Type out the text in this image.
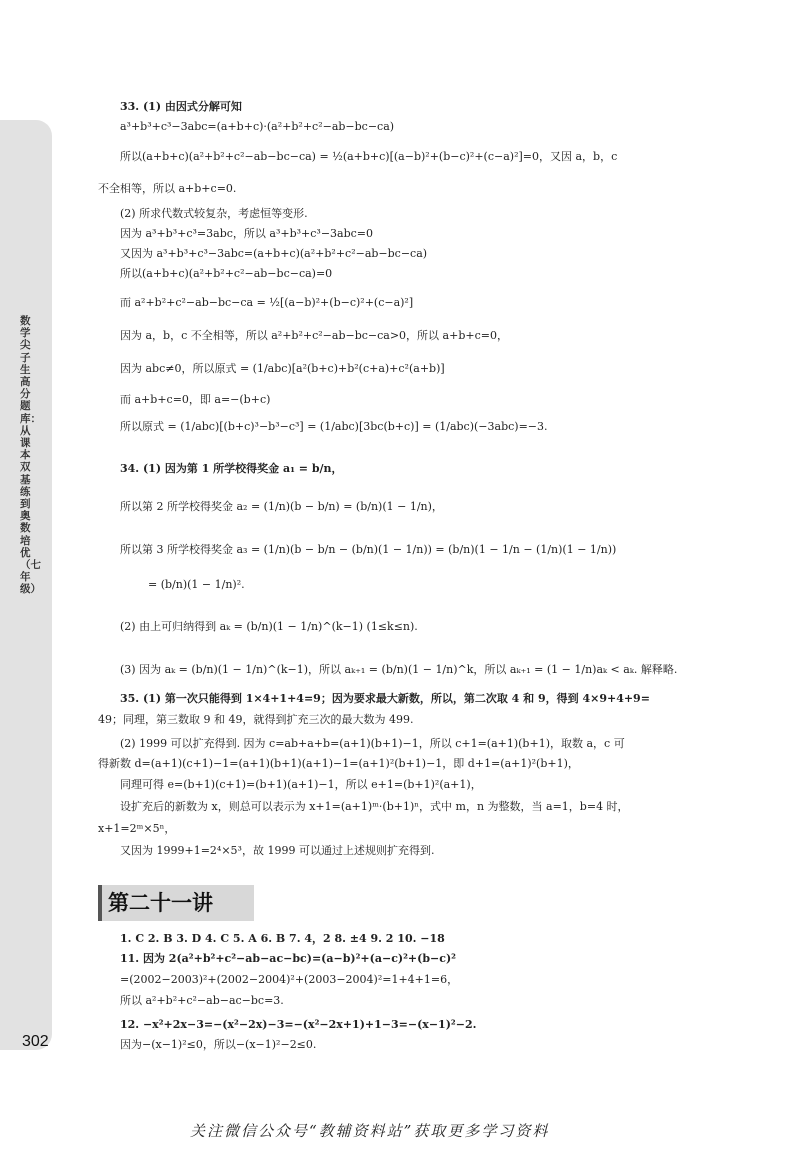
数学尖子生高分题库：从课本双基练到奥数培优（七年级）
302
33. (1) 由因式分解可知
a³+b³+c³−3abc=(a+b+c)·(a²+b²+c²−ab−bc−ca)
所以(a+b+c)(a²+b²+c²−ab−bc−ca) = ½(a+b+c)[(a−b)²+(b−c)²+(c−a)²]=0，又因 a，b，c
不全相等，所以 a+b+c=0.
(2) 所求代数式较复杂，考虑恒等变形.
因为 a³+b³+c³=3abc，所以 a³+b³+c³−3abc=0
又因为 a³+b³+c³−3abc=(a+b+c)(a²+b²+c²−ab−bc−ca)
所以(a+b+c)(a²+b²+c²−ab−bc−ca)=0
而 a²+b²+c²−ab−bc−ca = ½[(a−b)²+(b−c)²+(c−a)²]
因为 a，b，c 不全相等，所以 a²+b²+c²−ab−bc−ca>0，所以 a+b+c=0，
因为 abc≠0，所以原式 = (1/abc)[a²(b+c)+b²(c+a)+c²(a+b)]
而 a+b+c=0，即 a=−(b+c)
所以原式 = (1/abc)[(b+c)³−b³−c³] = (1/abc)[3bc(b+c)] = (1/abc)(−3abc)=−3.
34. (1) 因为第 1 所学校得奖金 a₁ = b/n，
所以第 2 所学校得奖金 a₂ = (1/n)(b − b/n) = (b/n)(1 − 1/n)，
所以第 3 所学校得奖金 a₃ = (1/n)(b − b/n − (b/n)(1 − 1/n)) = (b/n)(1 − 1/n − (1/n)(1 − 1/n))
= (b/n)(1 − 1/n)².
(2) 由上可归纳得到 aₖ = (b/n)(1 − 1/n)^(k−1) (1≤k≤n).
(3) 因为 aₖ = (b/n)(1 − 1/n)^(k−1)，所以 aₖ₊₁ = (b/n)(1 − 1/n)^k，所以 aₖ₊₁ = (1 − 1/n)aₖ < aₖ. 解释略.
35. (1) 第一次只能得到 1×4+1+4=9；因为要求最大新数，所以，第二次取 4 和 9，得到 4×9+4+9=
49；同理，第三数取 9 和 49，就得到扩充三次的最大数为 499.
(2) 1999 可以扩充得到. 因为 c=ab+a+b=(a+1)(b+1)−1，所以 c+1=(a+1)(b+1)，取数 a，c 可
得新数 d=(a+1)(c+1)−1=(a+1)(b+1)(a+1)−1=(a+1)²(b+1)−1，即 d+1=(a+1)²(b+1)，
同理可得 e=(b+1)(c+1)=(b+1)(a+1)−1，所以 e+1=(b+1)²(a+1)，
设扩充后的新数为 x，则总可以表示为 x+1=(a+1)ᵐ·(b+1)ⁿ，式中 m，n 为整数，当 a=1，b=4 时，
x+1=2ᵐ×5ⁿ，
又因为 1999+1=2⁴×5³，故 1999 可以通过上述规则扩充得到.
1. C 2. B 3. D 4. C 5. A 6. B 7. 4，2 8. ±4 9. 2 10. −18
11. 因为 2(a²+b²+c²−ab−ac−bc)=(a−b)²+(a−c)²+(b−c)²
=(2002−2003)²+(2002−2004)²+(2003−2004)²=1+4+1=6，
所以 a²+b²+c²−ab−ac−bc=3.
12. −x²+2x−3=−(x²−2x)−3=−(x²−2x+1)+1−3=−(x−1)²−2.
因为−(x−1)²≤0，所以−(x−1)²−2≤0.
第二十一讲
关注微信公众号“教辅资料站”获取更多学习资料
